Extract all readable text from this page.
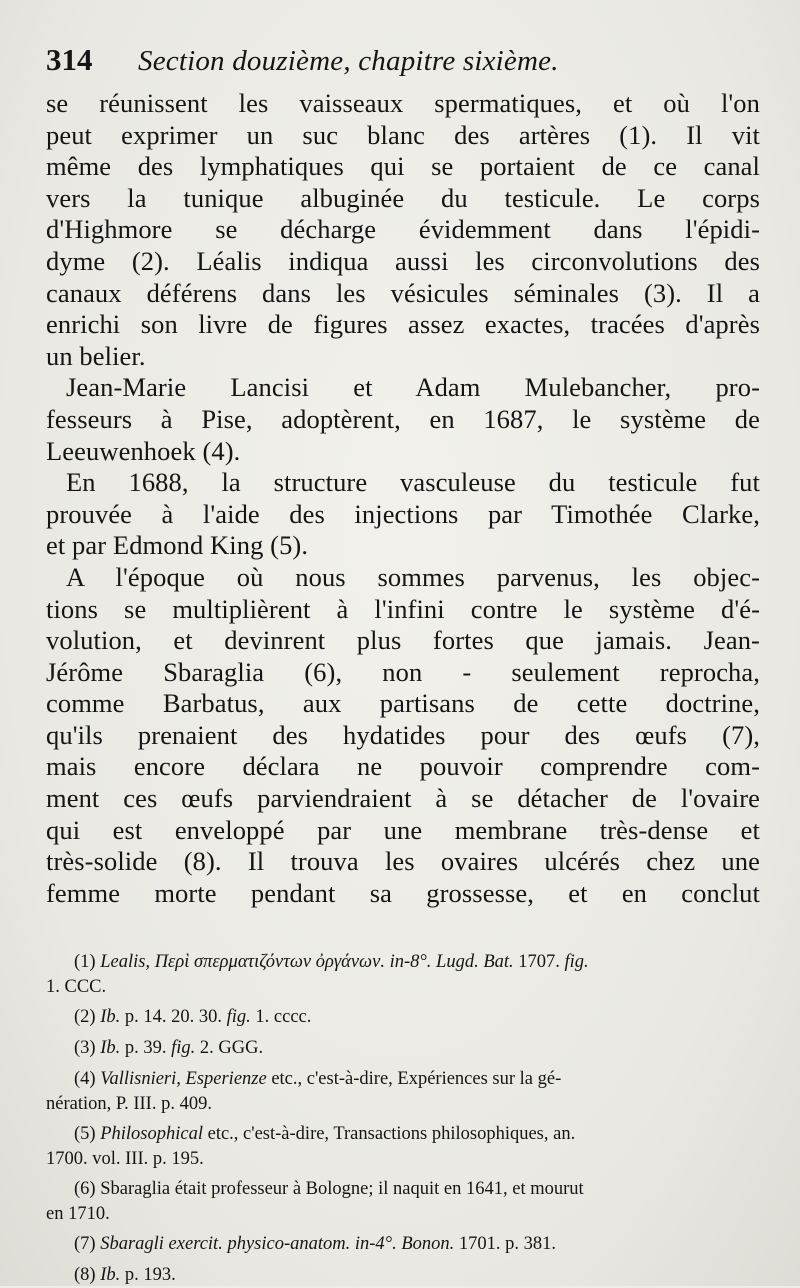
314	Section douzième, chapitre sixième.
se réunissent les vaisseaux spermatiques, et où l'on
peut exprimer un suc blanc des artères (1). Il vit
même des lymphatiques qui se portaient de ce canal
vers la tunique albuginée du testicule. Le corps
d'Highmore se décharge évidemment dans l'épidi-
dyme (2). Léalis indiqua aussi les circonvolutions des
canaux déférens dans les vésicules séminales (3). Il a
enrichi son livre de figures assez exactes, tracées d'après
un belier.
Jean-Marie Lancisi et Adam Mulebancher, pro-
fesseurs à Pise, adoptèrent, en 1687, le système de
Leeuwenhoek (4).
En 1688, la structure vasculeuse du testicule fut
prouvée à l'aide des injections par Timothée Clarke,
et par Edmond King (5).
A l'époque où nous sommes parvenus, les objec-
tions se multiplièrent à l'infini contre le système d'é-
volution, et devinrent plus fortes que jamais. Jean-
Jérôme Sbaraglia (6), non - seulement reprocha,
comme Barbatus, aux partisans de cette doctrine,
qu'ils prenaient des hydatides pour des œufs (7),
mais encore déclara ne pouvoir comprendre com-
ment ces œufs parviendraient à se détacher de l'ovaire
qui est enveloppé par une membrane très-dense et
très-solide (8). Il trouva les ovaires ulcérés chez une
femme morte pendant sa grossesse, et en conclut
(1) Lealis, Περὶ σπερματιζόντων ὀργάνων. in-8°. Lugd. Bat. 1707. fig.
1. CCC.
(2) Ib. p. 14. 20. 30. fig. 1. cccc.
(3) Ib. p. 39. fig. 2. GGG.
(4) Vallisnieri, Esperienze etc., c'est-à-dire, Expériences sur la gé-
nération, P. III. p. 409.
(5) Philosophical etc., c'est-à-dire, Transactions philosophiques, an.
1700. vol. III. p. 195.
(6) Sbaraglia était professeur à Bologne; il naquit en 1641, et mourut
en 1710.
(7) Sbaragli exercit. physico-anatom. in-4°. Bonon. 1701. p. 381.
(8) Ib. p. 193.
